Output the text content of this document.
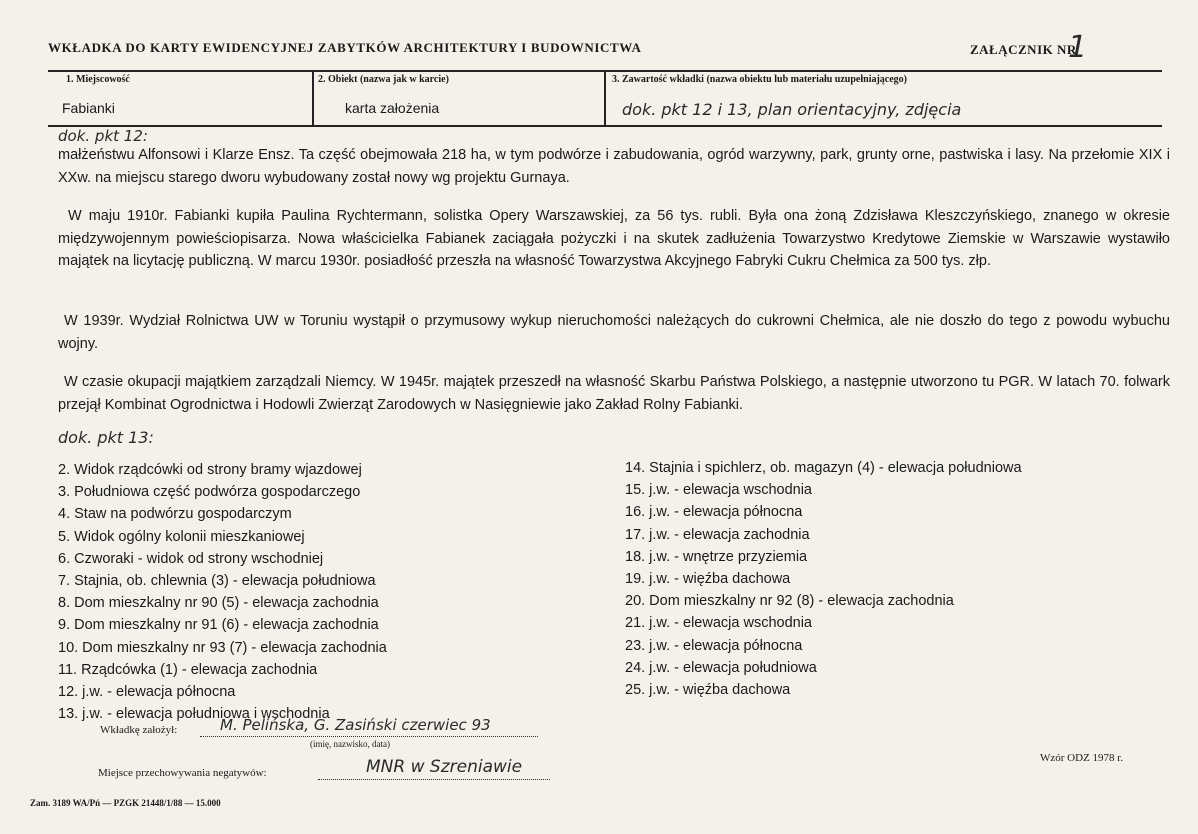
WKŁADKA DO KARTY EWIDENCYJNEJ ZABYTKÓW ARCHITEKTURY I BUDOWNICTWA	ZAŁĄCZNIK NR
1
1. Miejscowość
Fabianki
2. Obiekt (nazwa jak w karcie)
karta założenia
3. Zawartość wkładki (nazwa obiektu lub materiału uzupełniającego)
dok. pkt 12 i 13, plan orientacyjny, zdjęcia
dok. pkt 12:
małżeństwu Alfonsowi i Klarze Ensz. Ta część obejmowała 218 ha, w tym podwórze i zabudowania, ogród warzywny, park, grunty orne, pastwiska i lasy. Na przełomie XIX i XXw. na miejscu starego dworu wybudowany został nowy wg projektu Gurnaya.
W maju 1910r. Fabianki kupiła Paulina Rychtermann, solistka Opery Warszawskiej, za 56 tys. rubli. Była ona żoną Zdzisława Kleszczyńskiego, znanego w okresie międzywojennym powieściopisarza. Nowa właścicielka Fabianek zaciągała pożyczki i na skutek zadłużenia Towarzystwo Kredytowe Ziemskie w Warszawie wystawiło majątek na licytację publiczną. W marcu 1930r. posiadłość przeszła na własność Towarzystwa Akcyjnego Fabryki Cukru Chełmica za 500 tys. złp.
W 1939r. Wydział Rolnictwa UW w Toruniu wystąpił o przymusowy wykup nieruchomości należących do cukrowni Chełmica, ale nie doszło do tego z powodu wybuchu wojny.
W czasie okupacji majątkiem zarządzali Niemcy. W 1945r. majątek przeszedł na własność Skarbu Państwa Polskiego, a następnie utworzono tu PGR. W latach 70. folwark przejął Kombinat Ogrodnictwa i Hodowli Zwierząt Zarodowych w Nasięgniewie jako Zakład Rolny Fabianki.
dok. pkt 13:
2. Widok rządcówki od strony bramy wjazdowej
3. Południowa część podwórza gospodarczego
4. Staw na podwórzu gospodarczym
5. Widok ogólny kolonii mieszkaniowej
6. Czworaki - widok od strony wschodniej
7. Stajnia, ob. chlewnia (3) - elewacja południowa
8. Dom mieszkalny nr 90 (5) - elewacja zachodnia
9. Dom mieszkalny nr 91 (6) - elewacja zachodnia
10. Dom mieszkalny nr 93 (7) - elewacja zachodnia
11. Rządcówka (1) - elewacja zachodnia
12. j.w. - elewacja północna
13. j.w. - elewacja południowa i wschodnia
14. Stajnia i spichlerz, ob. magazyn (4) - elewacja południowa
15. j.w. - elewacja wschodnia
16. j.w. - elewacja północna
17. j.w. - elewacja zachodnia
18. j.w. - wnętrze przyziemia
19. j.w. - więźba dachowa
20. Dom mieszkalny nr 92 (8) - elewacja zachodnia
21. j.w. - elewacja wschodnia
23. j.w. - elewacja północna
24. j.w. - elewacja południowa
25. j.w. - więźba dachowa
Wkładkę założył:	M. Pelińska, G. Zasiński czerwiec 93
(imię, nazwisko, data)
Wzór ODZ 1978 r.
Miejsce przechowywania negatywów:	MNR w Szreniawie
Zam. 3189 WA/Pń — PZGK 21448/1/88 — 15.000
